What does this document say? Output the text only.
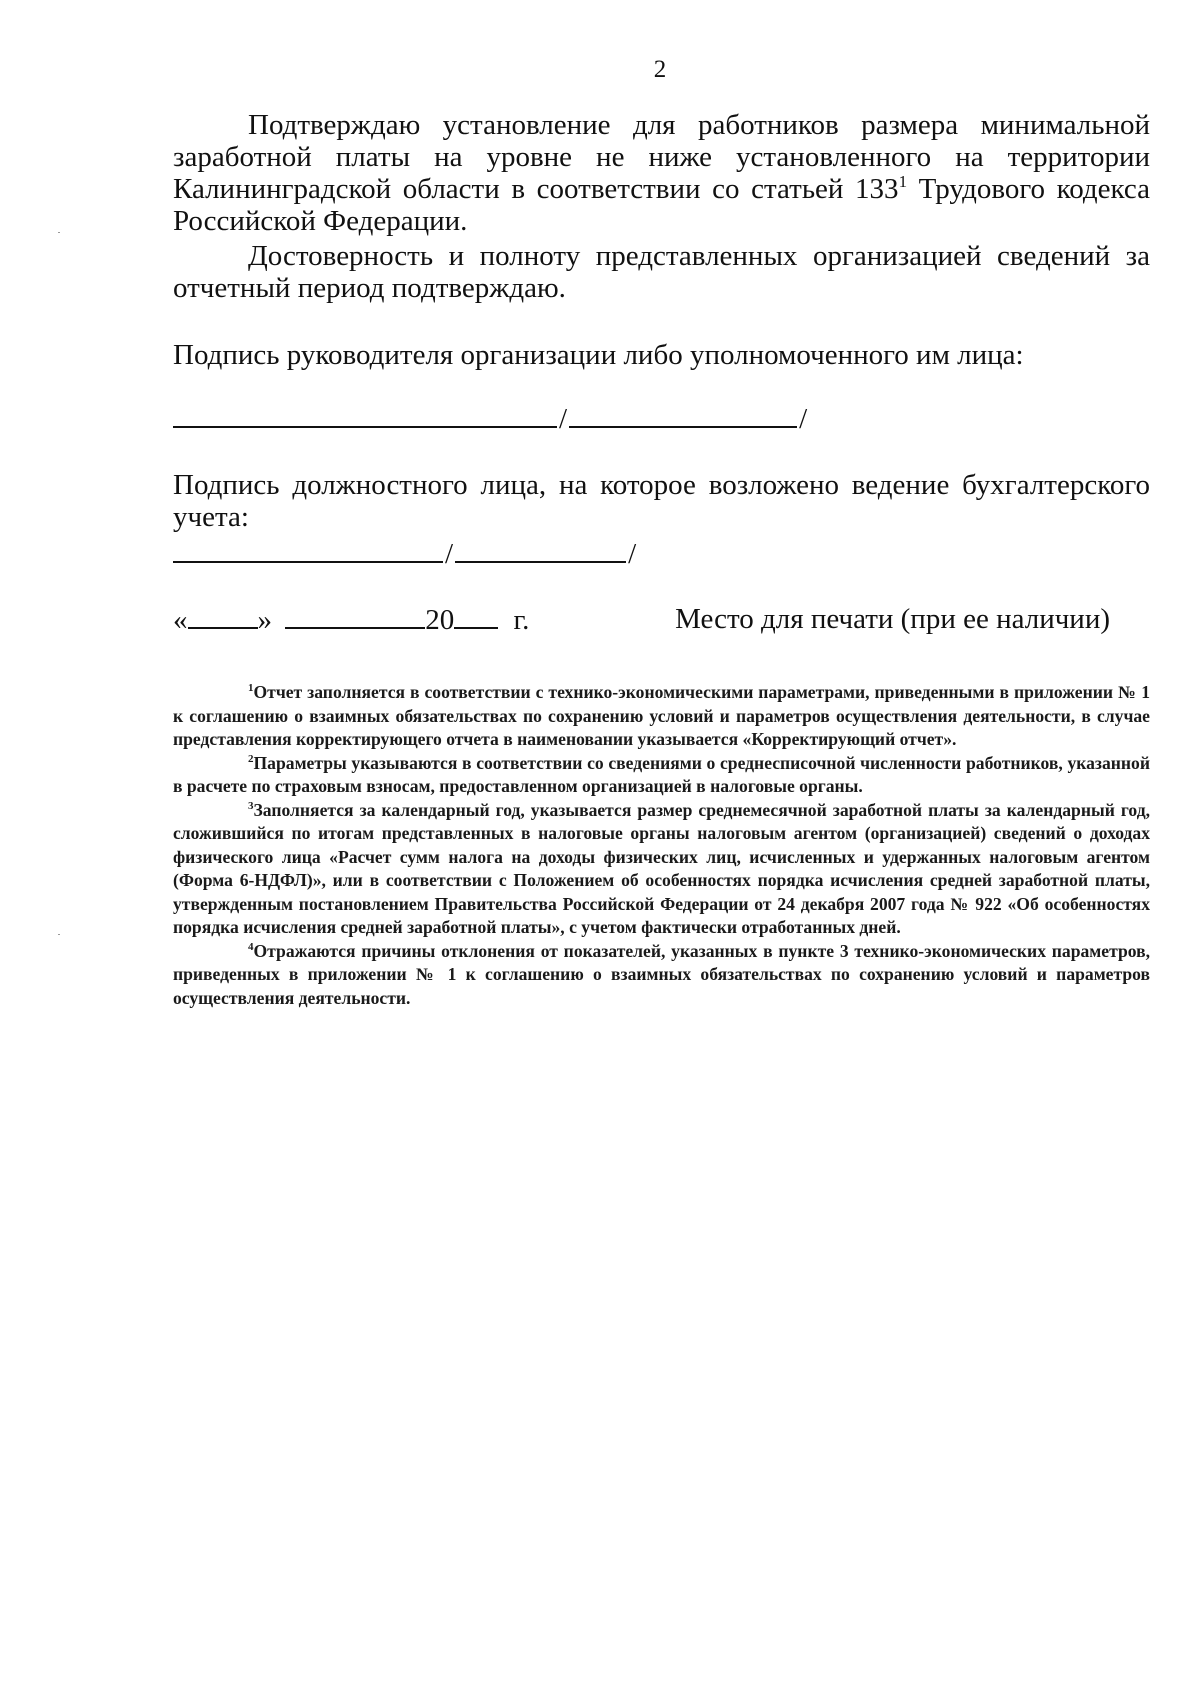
2

Подтверждаю установление для работников размера минимальной заработной платы на уровне не ниже установленного на территории Калининградской области в соответствии со статьей 133$^1$ Трудового кодекса Российской Федерации.

Достоверность и полноту представленных организацией сведений за отчетный период подтверждаю.

Подпись руководителя организации либо уполномоченного им лица:

/	/

Подпись должностного лица, на которое возложено ведение бухгалтерского учета:

/	/
« »	20 г.	Место для печати (при ее наличии)

$^1$Отчет заполняется в соответствии с технико-экономическими параметрами, приведенными в приложении № 1 к соглашению о взаимных обязательствах по сохранению условий и параметров осуществления деятельности, в случае представления корректирующего отчета в наименовании указывается «Корректирующий отчет».

$^2$Параметры указываются в соответствии со сведениями о среднесписочной численности работников, указанной в расчете по страховым взносам, предоставленном организацией в налоговые органы.

$^3$Заполняется за календарный год, указывается размер среднемесячной заработной платы за календарный год, сложившийся по итогам представленных в налоговые органы налоговым агентом (организацией) сведений о доходах физического лица «Расчет сумм налога на доходы физических лиц, исчисленных и удержанных налоговым агентом (Форма 6-НДФЛ)», или в соответствии с Положением об особенностях порядка исчисления средней заработной платы, утвержденным постановлением Правительства Российской Федерации от 24 декабря 2007 года № 922 «Об особенностях порядка исчисления средней заработной платы», с учетом фактически отработанных дней.

$^4$Отражаются причины отклонения от показателей, указанных в пункте 3 технико-экономических параметров, приведенных в приложении № 1 к соглашению о взаимных обязательствах по сохранению условий и параметров осуществления деятельности.
